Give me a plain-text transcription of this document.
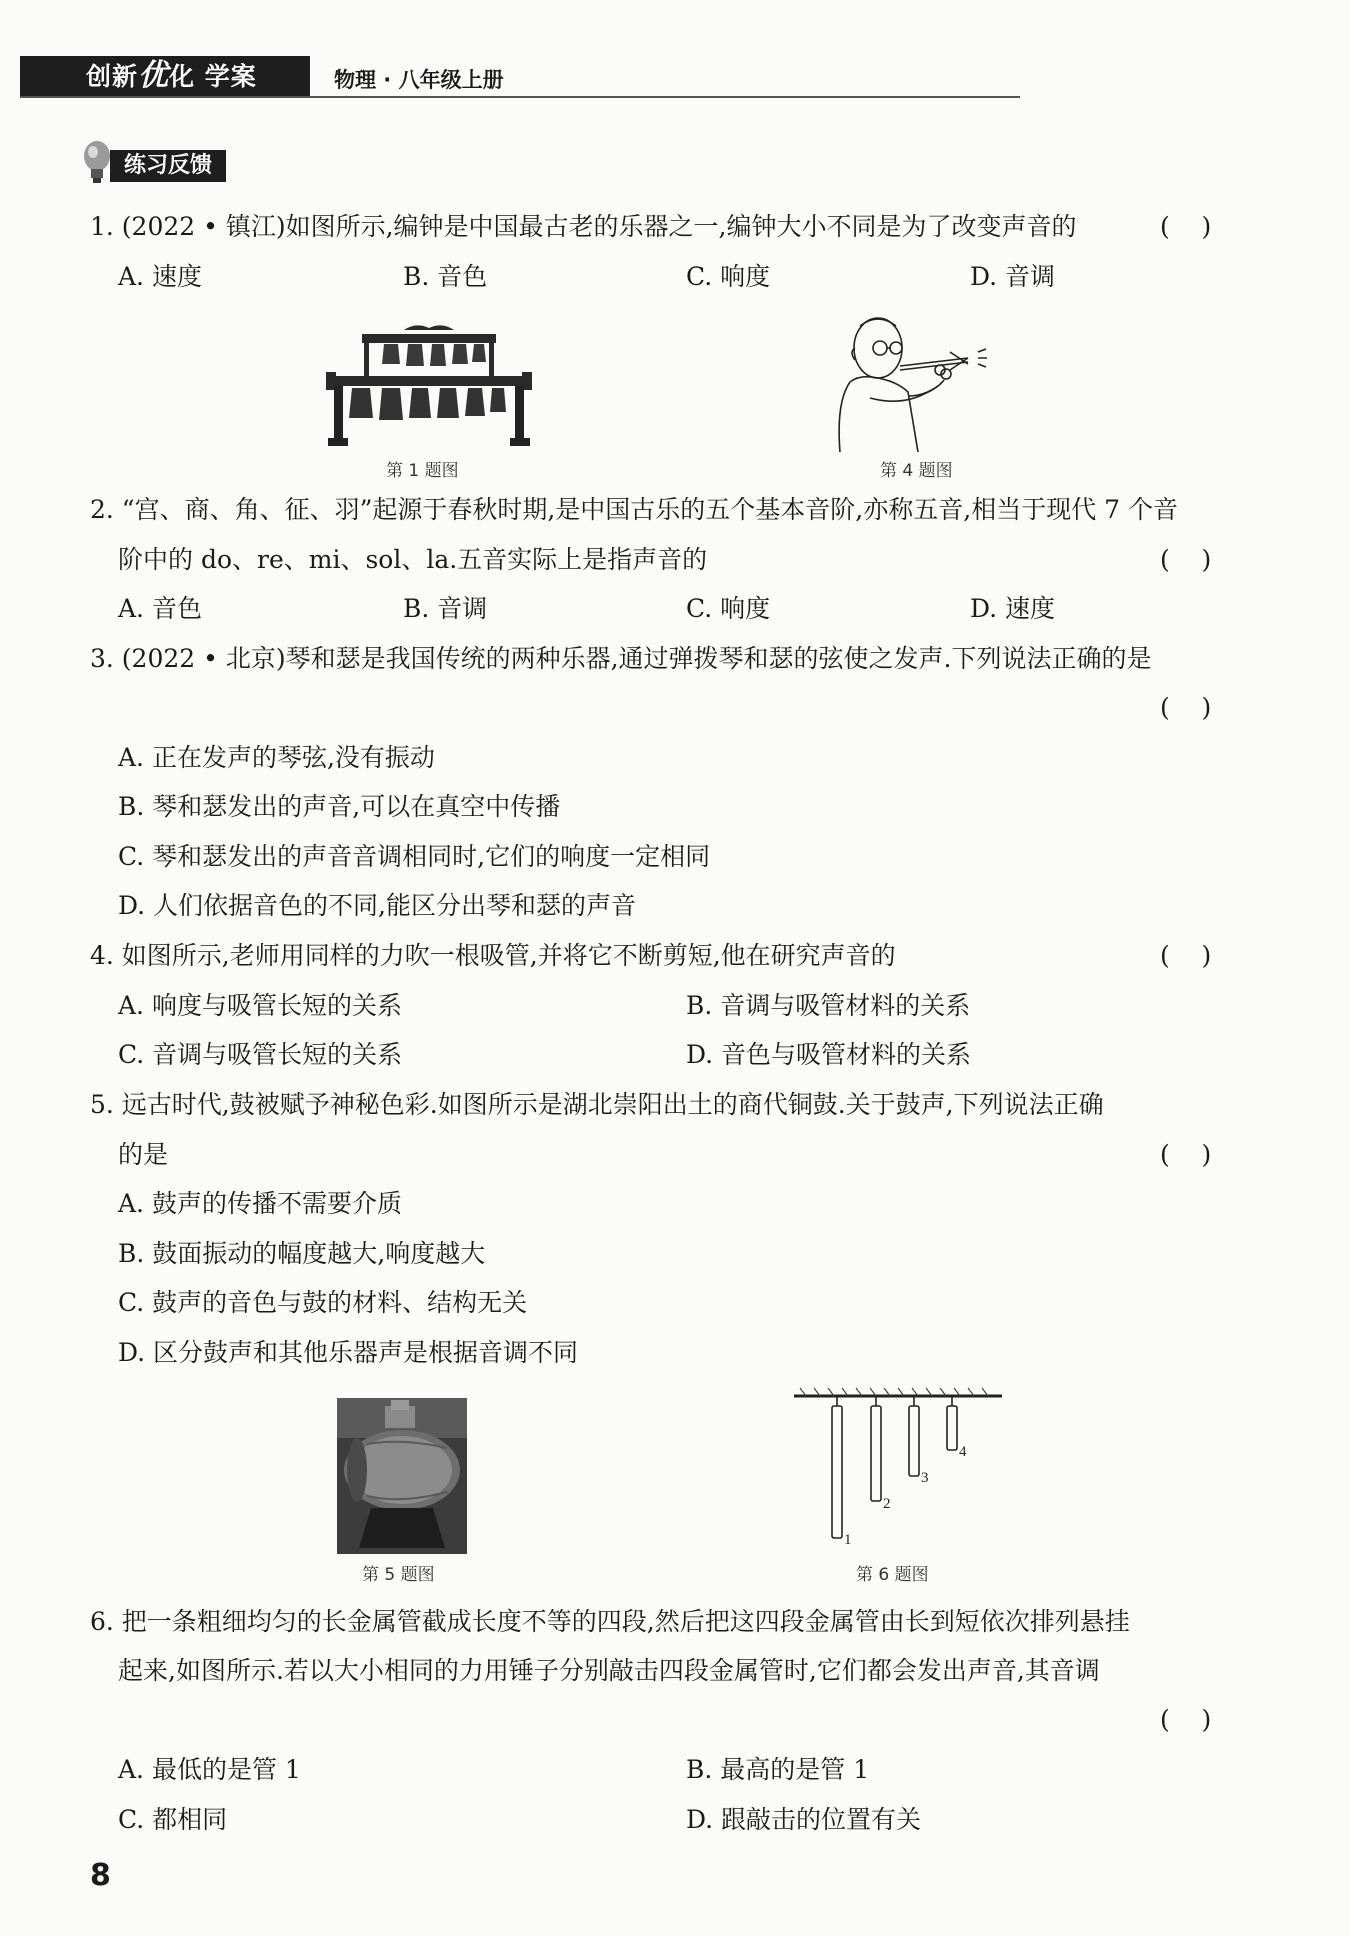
创新优化 学案	物理 · 八年级上册
练习反馈
1. (2022 • 镇江)如图所示,编钟是中国最古老的乐器之一,编钟大小不同是为了改变声音的	(    )
A. 速度	B. 音色	C. 响度	D. 音调
第 1 题图	第 4 题图
2. “宫、商、角、征、羽”起源于春秋时期,是中国古乐的五个基本音阶,亦称五音,相当于现代 7 个音
阶中的 do、re、mi、sol、la.五音实际上是指声音的	(    )
A. 音色	B. 音调	C. 响度	D. 速度
3. (2022 • 北京)琴和瑟是我国传统的两种乐器,通过弹拨琴和瑟的弦使之发声.下列说法正确的是
(    )
A. 正在发声的琴弦,没有振动
B. 琴和瑟发出的声音,可以在真空中传播
C. 琴和瑟发出的声音音调相同时,它们的响度一定相同
D. 人们依据音色的不同,能区分出琴和瑟的声音
4. 如图所示,老师用同样的力吹一根吸管,并将它不断剪短,他在研究声音的	(    )
A. 响度与吸管长短的关系	B. 音调与吸管材料的关系
C. 音调与吸管长短的关系	D. 音色与吸管材料的关系
5. 远古时代,鼓被赋予神秘色彩.如图所示是湖北崇阳出土的商代铜鼓.关于鼓声,下列说法正确
的是	(    )
A. 鼓声的传播不需要介质
B. 鼓面振动的幅度越大,响度越大
C. 鼓声的音色与鼓的材料、结构无关
D. 区分鼓声和其他乐器声是根据音调不同
第 5 题图
1
2
3
4
第 6 题图
6. 把一条粗细均匀的长金属管截成长度不等的四段,然后把这四段金属管由长到短依次排列悬挂
起来,如图所示.若以大小相同的力用锤子分别敲击四段金属管时,它们都会发出声音,其音调
(    )
A. 最低的是管 1	B. 最高的是管 1
C. 都相同	D. 跟敲击的位置有关
8
